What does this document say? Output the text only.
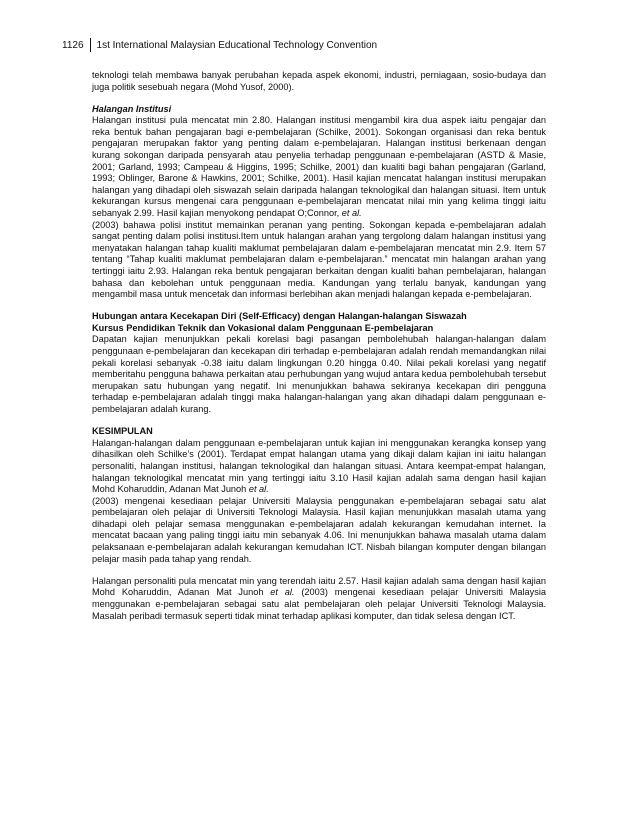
1126	1st International Malaysian Educational Technology Convention

teknologi telah membawa banyak perubahan kepada aspek ekonomi, industri, perniagaan, sosio-budaya dan juga politik sesebuah negara (Mohd Yusof, 2000).

Halangan Institusi

Halangan institusi pula mencatat min 2.80. Halangan institusi mengambil kira dua aspek iaitu pengajar dan reka bentuk bahan pengajaran bagi e-pembelajaran (Schilke, 2001). Sokongan organisasi dan reka bentuk pengajaran merupakan faktor yang penting dalam e-pembelajaran. Halangan institusi berkenaan dengan kurang sokongan daripada pensyarah atau penyelia terhadap penggunaan e-pembelajaran (ASTD & Masie, 2001; Garland, 1993; Campeau & Higgins, 1995; Schilke, 2001) dan kualiti bagi bahan pengajaran (Garland, 1993; Oblinger, Barone & Hawkins, 2001; Schilke, 2001). Hasil kajian mencatat halangan institusi merupakan halangan yang dihadapi oleh siswazah selain daripada halangan teknologikal dan halangan situasi. Item untuk kekurangan kursus mengenai cara penggunaan e-pembelajaran mencatat nilai min yang kelima tinggi iaitu sebanyak 2.99. Hasil kajian menyokong pendapat O;Connor, et al.
(2003) bahawa polisi institut memainkan peranan yang penting. Sokongan kepada e-pembelajaran adalah sangat penting dalam polisi institusi.Item untuk halangan arahan yang tergolong dalam halangan institusi yang menyatakan halangan tahap kualiti maklumat pembelajaran dalam e-pembelajaran mencatat min 2.9. Item 57 tentang “Tahap kualiti maklumat pembelajaran dalam e-pembelajaran.” mencatat min halangan arahan yang tertinggi iaitu 2.93. Halangan reka bentuk pengajaran berkaitan dengan kualiti bahan pembelajaran, halangan bahasa dan kebolehan untuk penggunaan media. Kandungan yang terlalu banyak, kandungan yang mengambil masa untuk mencetak dan informasi berlebihan akan menjadi halangan kepada e-pembelajaran.

Hubungan antara Kecekapan Diri (Self-Efficacy) dengan Halangan-halangan Siswazah
Kursus Pendidikan Teknik dan Vokasional dalam Penggunaan E-pembelajaran

Dapatan kajian menunjukkan pekali korelasi bagi pasangan pembolehubah halangan-halangan dalam penggunaan e-pembelajaran dan kecekapan diri terhadap e-pembelajaran adalah rendah memandangkan nilai pekali korelasi sebanyak -0.38 iaitu dalam lingkungan 0.20 hingga 0.40. Nilai pekali korelasi yang negatif memberitahu pengguna bahawa perkaitan atau perhubungan yang wujud antara kedua pembolehubah tersebut merupakan satu hubungan yang negatif. Ini menunjukkan bahawa sekiranya kecekapan diri pengguna terhadap e-pembelajaran adalah tinggi maka halangan-halangan yang akan dihadapi dalam penggunaan e-pembelajaran adalah kurang.

KESIMPULAN

Halangan-halangan dalam penggunaan e-pembelajaran untuk kajian ini menggunakan kerangka konsep yang dihasilkan oleh Schilke’s (2001). Terdapat empat halangan utama yang dikaji dalam kajian ini iaitu halangan personaliti, halangan institusi, halangan teknologikal dan halangan situasi. Antara keempat-empat halangan, halangan teknologikal mencatat min yang tertinggi iaitu 3.10 Hasil kajian adalah sama dengan hasil kajian Mohd Koharuddin, Adanan Mat Junoh et al.
(2003) mengenai kesediaan pelajar Universiti Malaysia penggunakan e-pembelajaran sebagai satu alat pembelajaran oleh pelajar di Universiti Teknologi Malaysia. Hasil kajian menunjukkan masalah utama yang dihadapi oleh pelajar semasa menggunakan e-pembelajaran adalah kekurangan kemudahan internet. Ia mencatat bacaan yang paling tinggi iaitu min sebanyak 4.06. Ini menunjukkan bahawa masalah utama dalam pelaksanaan e-pembelajaran adalah kekurangan kemudahan ICT. Nisbah bilangan komputer dengan bilangan pelajar masih pada tahap yang rendah.

Halangan personaliti pula mencatat min yang terendah iaitu 2.57. Hasil kajian adalah sama dengan hasil kajian Mohd Koharuddin, Adanan Mat Junoh et al. (2003) mengenai kesediaan pelajar Universiti Malaysia menggunakan e-pembelajaran sebagai satu alat pembelajaran oleh pelajar Universiti Teknologi Malaysia. Masalah peribadi termasuk seperti tidak minat terhadap aplikasi komputer, dan tidak selesa dengan ICT.
